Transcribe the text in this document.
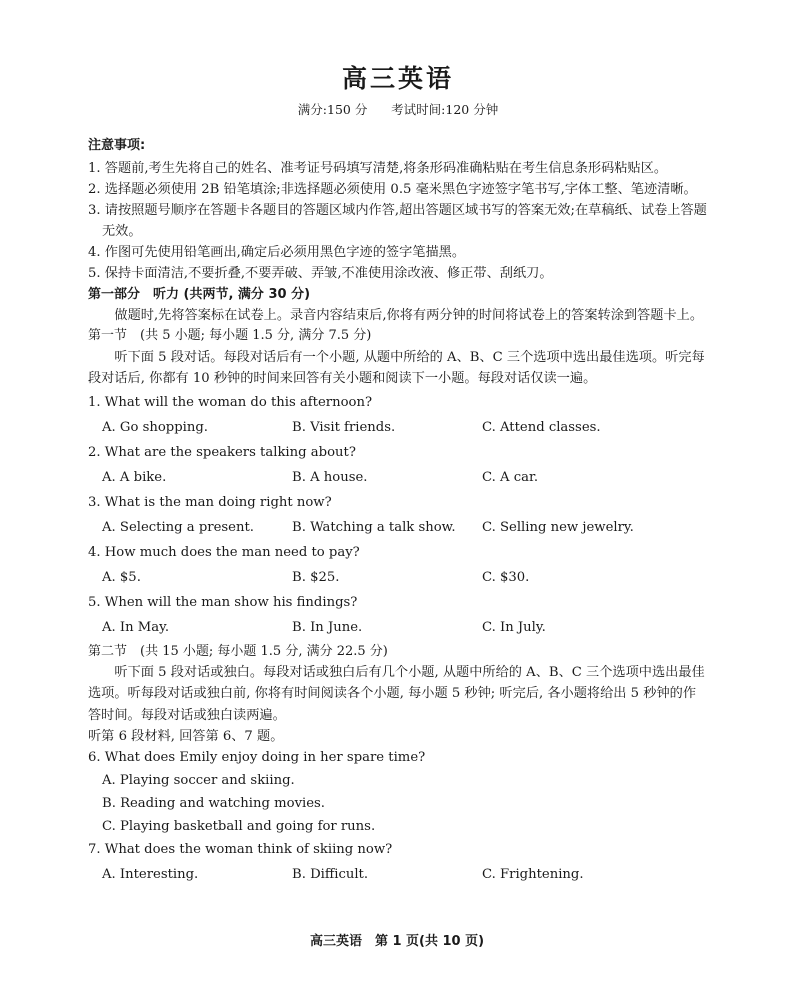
高三英语
满分:150 分      考试时间:120 分钟
注意事项:

1. 答题前,考生先将自己的姓名、准考证号码填写清楚,将条形码准确粘贴在考生信息条形码粘贴区。

2. 选择题必须使用 2B 铅笔填涂;非选择题必须使用 0.5 毫米黑色字迹签字笔书写,字体工整、笔迹清晰。

3. 请按照题号顺序在答题卡各题目的答题区域内作答,超出答题区域书写的答案无效;在草稿纸、试卷上答题无效。

4. 作图可先使用铅笔画出,确定后必须用黑色字迹的签字笔描黑。

5. 保持卡面清洁,不要折叠,不要弄破、弄皱,不准使用涂改液、修正带、刮纸刀。

第一部分　听力 (共两节, 满分 30 分)

做题时,先将答案标在试卷上。录音内容结束后,你将有两分钟的时间将试卷上的答案转涂到答题卡上。

第一节　(共 5 小题; 每小题 1.5 分, 满分 7.5 分)

听下面 5 段对话。每段对话后有一个小题, 从题中所给的 A、B、C 三个选项中选出最佳选项。听完每段对话后, 你都有 10 秒钟的时间来回答有关小题和阅读下一小题。每段对话仅读一遍。

1. What will the woman do this afternoon?
A. Go shopping.	B. Visit friends.	C. Attend classes.
2. What are the speakers talking about?
A. A bike.	B. A house.	C. A car.
3. What is the man doing right now?
A. Selecting a present.	B. Watching a talk show.	C. Selling new jewelry.
4. How much does the man need to pay?
A. $5.	B. $25.	C. $30.
5. When will the man show his findings?
A. In May.	B. In June.	C. In July.
第二节　(共 15 小题; 每小题 1.5 分, 满分 22.5 分)

听下面 5 段对话或独白。每段对话或独白后有几个小题, 从题中所给的 A、B、C 三个选项中选出最佳选项。听每段对话或独白前, 你将有时间阅读各个小题, 每小题 5 秒钟; 听完后, 各小题将给出 5 秒钟的作答时间。每段对话或独白读两遍。

听第 6 段材料, 回答第 6、7 题。

6. What does Emily enjoy doing in her spare time?
A. Playing soccer and skiing.
B. Reading and watching movies.
C. Playing basketball and going for runs.
7. What does the woman think of skiing now?
A. Interesting.	B. Difficult.	C. Frightening.
高三英语　第 1 页(共 10 页)
